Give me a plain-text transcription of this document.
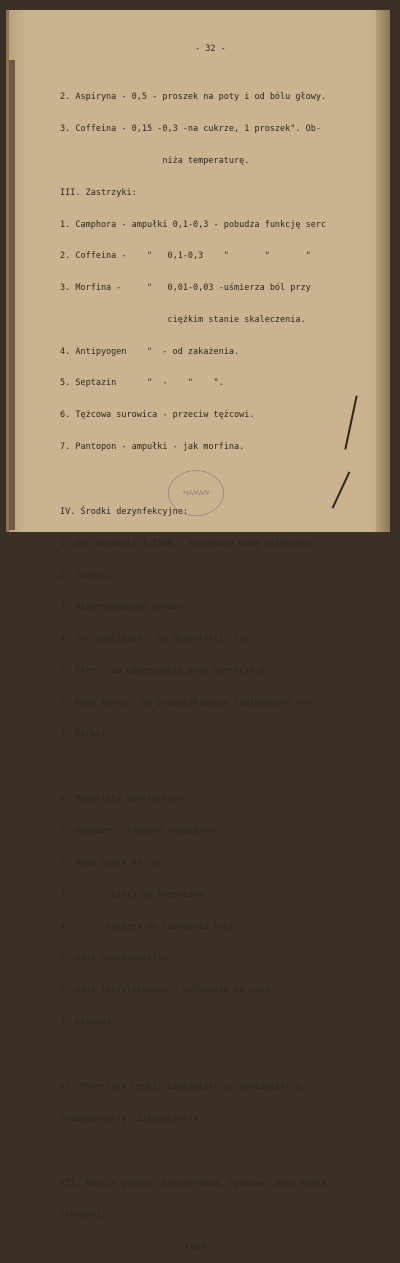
- 32 -

2. Aspiryna - 0,5 - proszek na poty i od bólu głowy.

3. Coffeina - 0,15 -0,3 -na cukrze, 1 proszek". Ob-

niża temperaturę.

III. Zastrzyki:

1. Camphora - ampułki 0,1-0,3 - pobudza funkcję serc

2. Coffeina -    "   0,1-0,3    "       "       "

3. Morfina -     "   0,01-0,03 -uśmierza ból przy

ciężkim stanie skaleczenia.

4. Antipyogen    "  - od zakażenia.

5. Septazin      "  -    "    ".

6. Tężcowa surowica - przeciw tężcowi.

7. Pantopon - ampułki - jak morfina.

IV. Środki dezynfekcyjne:

1. Sól Rivanoli 1:1500 - zastępuje wodę utlenioną.

2. Jodyna.

3. Hipermanganian potasu.

4. Sól sublimatu - do dezynfekcji rąk.

5. Eter - do umiesczania pray operacjach.

6. Kwas karny - do przepłukiwania ropiejących ran.

7. Karbol.

V. Materiały opatrunkowe:

1. Bandaże - różnych rozmiarów.

2. Wata biała do ran.

3.  "   " szara do kompresów.

4.   "   zelazna do tamowania krwi.

5. Gaza hygroskopijna.

6. Gaza sterylizowana - wyjązanie na rany.

7. Lignina.

VI. Materiały Lepki: Leukoplastry, Hansaplastry,

Traumaplastry, Zincoplastry.

VII. Maście gojące: Xeroformowa, Cynkowa, maść Borna,

Ichtyoli.

---Cood---

HAMAN
